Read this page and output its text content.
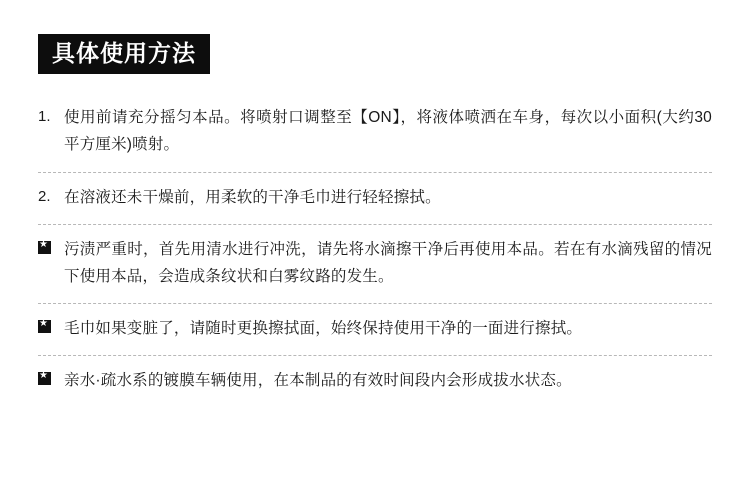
具体使用方法
1. 使用前请充分摇匀本品。将喷射口调整至【ON】，将液体喷洒在车身，每次以小面积(大约30平方厘米)喷射。
2. 在溶液还未干燥前，用柔软的干净毛巾进行轻轻擦拭。
★
污渍严重时，首先用清水进行冲洗，请先将水滴擦干净后再使用本品。若在有水滴残留的情况下使用本品，会造成条纹状和白雾纹路的发生。
★
毛巾如果变脏了，请随时更换擦拭面，始终保持使用干净的一面进行擦拭。
★
亲水·疏水系的镀膜车辆使用，在本制品的有效时间段内会形成拔水状态。
